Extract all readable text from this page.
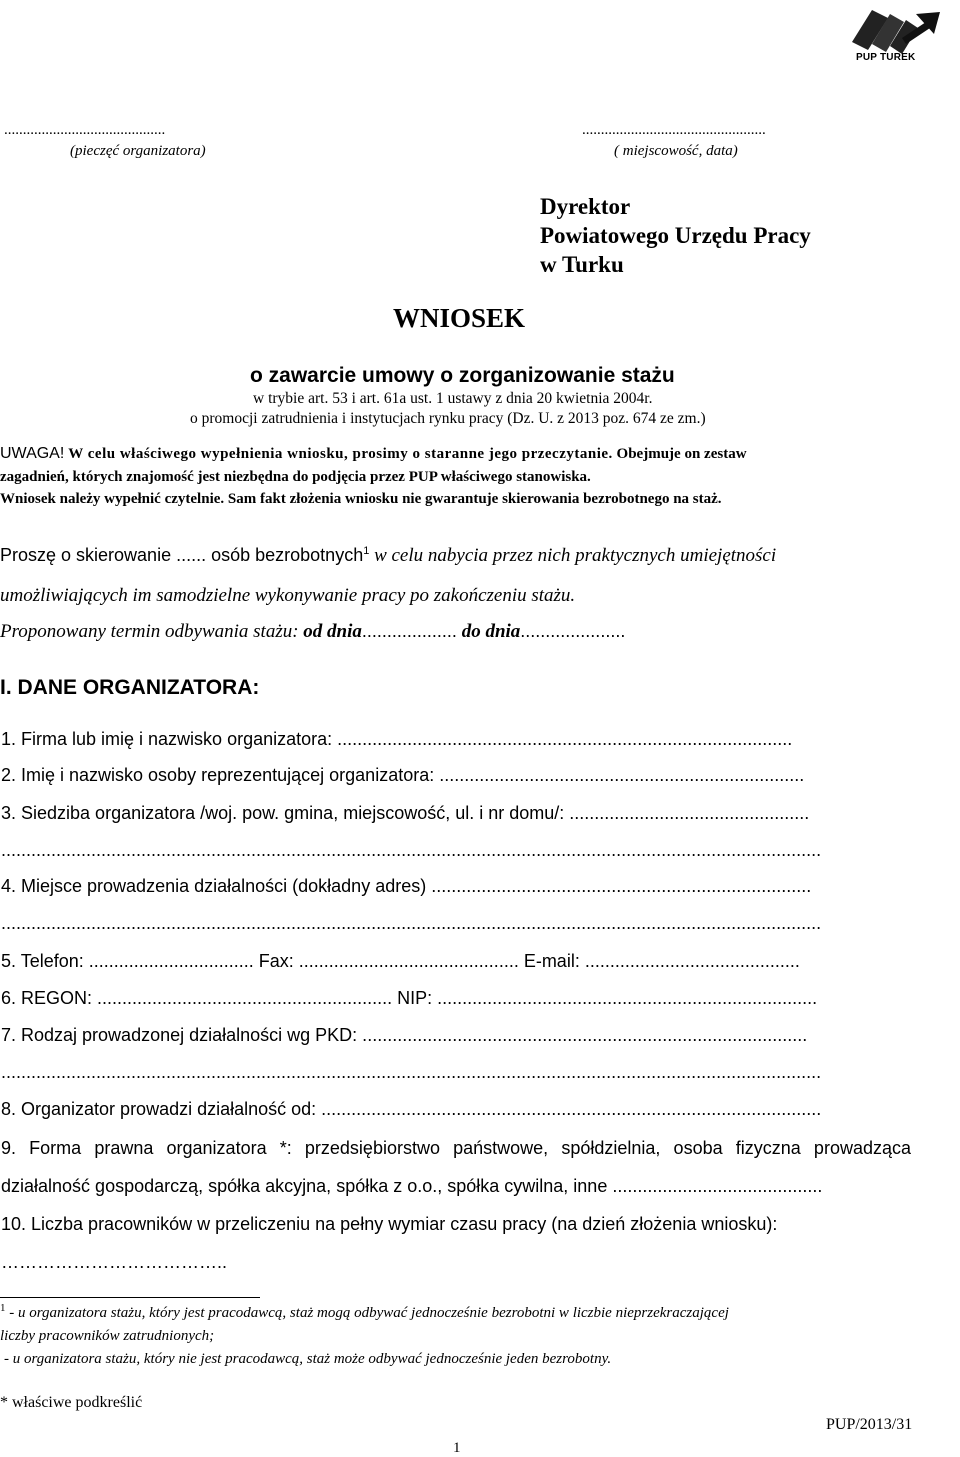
PUP TUREK
...........................................
(pieczęć organizatora)
.................................................
( miejscowość, data)
Dyrektor
Powiatowego Urzędu Pracy
w Turku
WNIOSEK
o zawarcie umowy o zorganizowanie stażu
w trybie art. 53 i art. 61a ust. 1 ustawy z dnia 20 kwietnia 2004r.
o promocji zatrudnienia i instytucjach rynku pracy (Dz. U. z 2013 poz. 674 ze zm.)
UWAGA! W celu właściwego wypełnienia wniosku, prosimy o staranne jego przeczytanie. Obejmuje on zestaw
zagadnień, których znajomość jest niezbędna do podjęcia przez PUP właściwego stanowiska.
Wniosek należy wypełnić czytelnie. Sam fakt złożenia wniosku nie gwarantuje skierowania bezrobotnego na staż.
Proszę o skierowanie ...... osób bezrobotnych$^1$ w celu nabycia przez nich praktycznych umiejętności
umożliwiających im samodzielne wykonywanie pracy po zakończeniu stażu.
Proponowany termin odbywania stażu: od dnia................... do dnia.....................
I. DANE ORGANIZATORA:
1. Firma lub imię i nazwisko organizatora: ...........................................................................................
2. Imię i nazwisko osoby reprezentującej organizatora: .........................................................................
3. Siedziba organizatora /woj. pow. gmina, miejscowość, ul. i nr domu/: ................................................
....................................................................................................................................................................
4. Miejsce prowadzenia działalności (dokładny adres) ............................................................................
....................................................................................................................................................................
5. Telefon: ................................. Fax: ............................................ E-mail: ...........................................
6. REGON: ........................................................... NIP: ............................................................................
7. Rodzaj prowadzonej działalności wg PKD: .........................................................................................
....................................................................................................................................................................
8. Organizator prowadzi działalność od: ....................................................................................................
9. Forma prawna organizatora *: przedsiębiorstwo państwowe, spółdzielnia, osoba fizyczna prowadząca
działalność gospodarczą, spółka akcyjna, spółka z o.o., spółka cywilna, inne ..........................................
10. Liczba pracowników w przeliczeniu na pełny wymiar czasu pracy (na dzień złożenia wniosku):
………………………………..
$^1$ - u organizatora stażu, który jest pracodawcą, staż mogą odbywać jednocześnie bezrobotni w liczbie nieprzekraczającej
liczby pracowników zatrudnionych;
- u organizatora stażu, który nie jest pracodawcą, staż może odbywać jednocześnie jeden bezrobotny.
* właściwe podkreślić
1
PUP/2013/31
